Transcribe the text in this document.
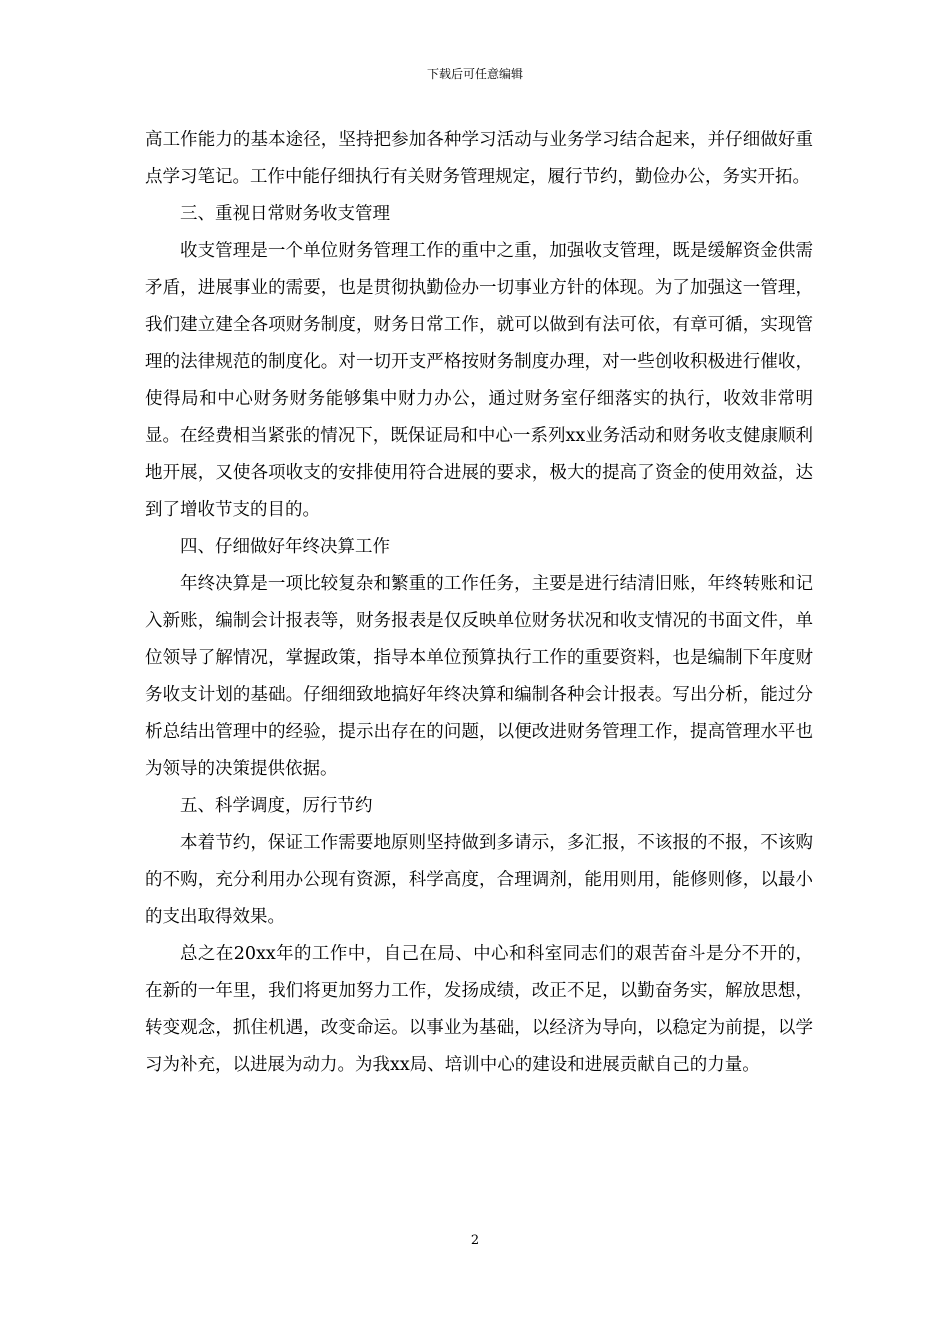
下载后可任意编辑

高工作能力的基本途径，坚持把参加各种学习活动与业务学习结合起来，并仔细做好重点学习笔记。工作中能仔细执行有关财务管理规定，履行节约，勤俭办公，务实开拓。

三、重视日常财务收支管理

收支管理是一个单位财务管理工作的重中之重，加强收支管理，既是缓解资金供需矛盾，进展事业的需要，也是贯彻执勤俭办一切事业方针的体现。为了加强这一管理，我们建立建全各项财务制度，财务日常工作，就可以做到有法可依，有章可循，实现管理的法律规范的制度化。对一切开支严格按财务制度办理，对一些创收积极进行催收，使得局和中心财务财务能够集中财力办公，通过财务室仔细落实的执行，收效非常明显。在经费相当紧张的情况下，既保证局和中心一系列xx业务活动和财务收支健康顺利地开展，又使各项收支的安排使用符合进展的要求，极大的提高了资金的使用效益，达到了增收节支的目的。

四、仔细做好年终决算工作

年终决算是一项比较复杂和繁重的工作任务，主要是进行结清旧账，年终转账和记入新账，编制会计报表等，财务报表是仅反映单位财务状况和收支情况的书面文件，单位领导了解情况，掌握政策，指导本单位预算执行工作的重要资料，也是编制下年度财务收支计划的基础。仔细细致地搞好年终决算和编制各种会计报表。写出分析，能过分析总结出管理中的经验，提示出存在的问题，以便改进财务管理工作，提高管理水平也为领导的决策提供依据。

五、科学调度，厉行节约

本着节约，保证工作需要地原则坚持做到多请示，多汇报，不该报的不报，不该购的不购，充分利用办公现有资源，科学高度，合理调剂，能用则用，能修则修，以最小的支出取得效果。

总之在20xx年的工作中，自己在局、中心和科室同志们的艰苦奋斗是分不开的，在新的一年里，我们将更加努力工作，发扬成绩，改正不足，以勤奋务实，解放思想，转变观念，抓住机遇，改变命运。以事业为基础，以经济为导向，以稳定为前提，以学习为补充，以进展为动力。为我xx局、培训中心的建设和进展贡献自己的力量。

2
